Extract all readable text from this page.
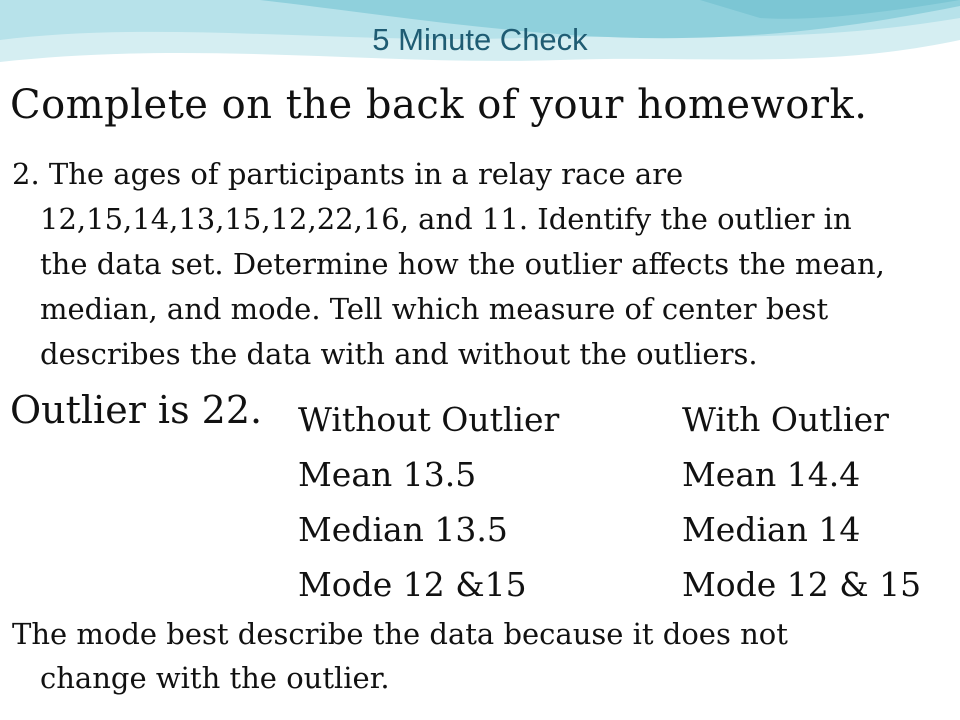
5 Minute Check
Complete on the back of your homework.
2. The ages of participants in a relay race are
12,15,14,13,15,12,22,16, and 11. Identify the outlier in
the data set. Determine how the outlier affects the mean,
median, and mode. Tell which measure of center best
describes the data with and without the outliers.
Outlier is 22. Without Outlier
Mean 13.5
Median 13.5
Mode 12 &15
With Outlier
Mean 14.4
Median 14
Mode 12 & 15
The mode best describe the data because it does not
change with the outlier.
